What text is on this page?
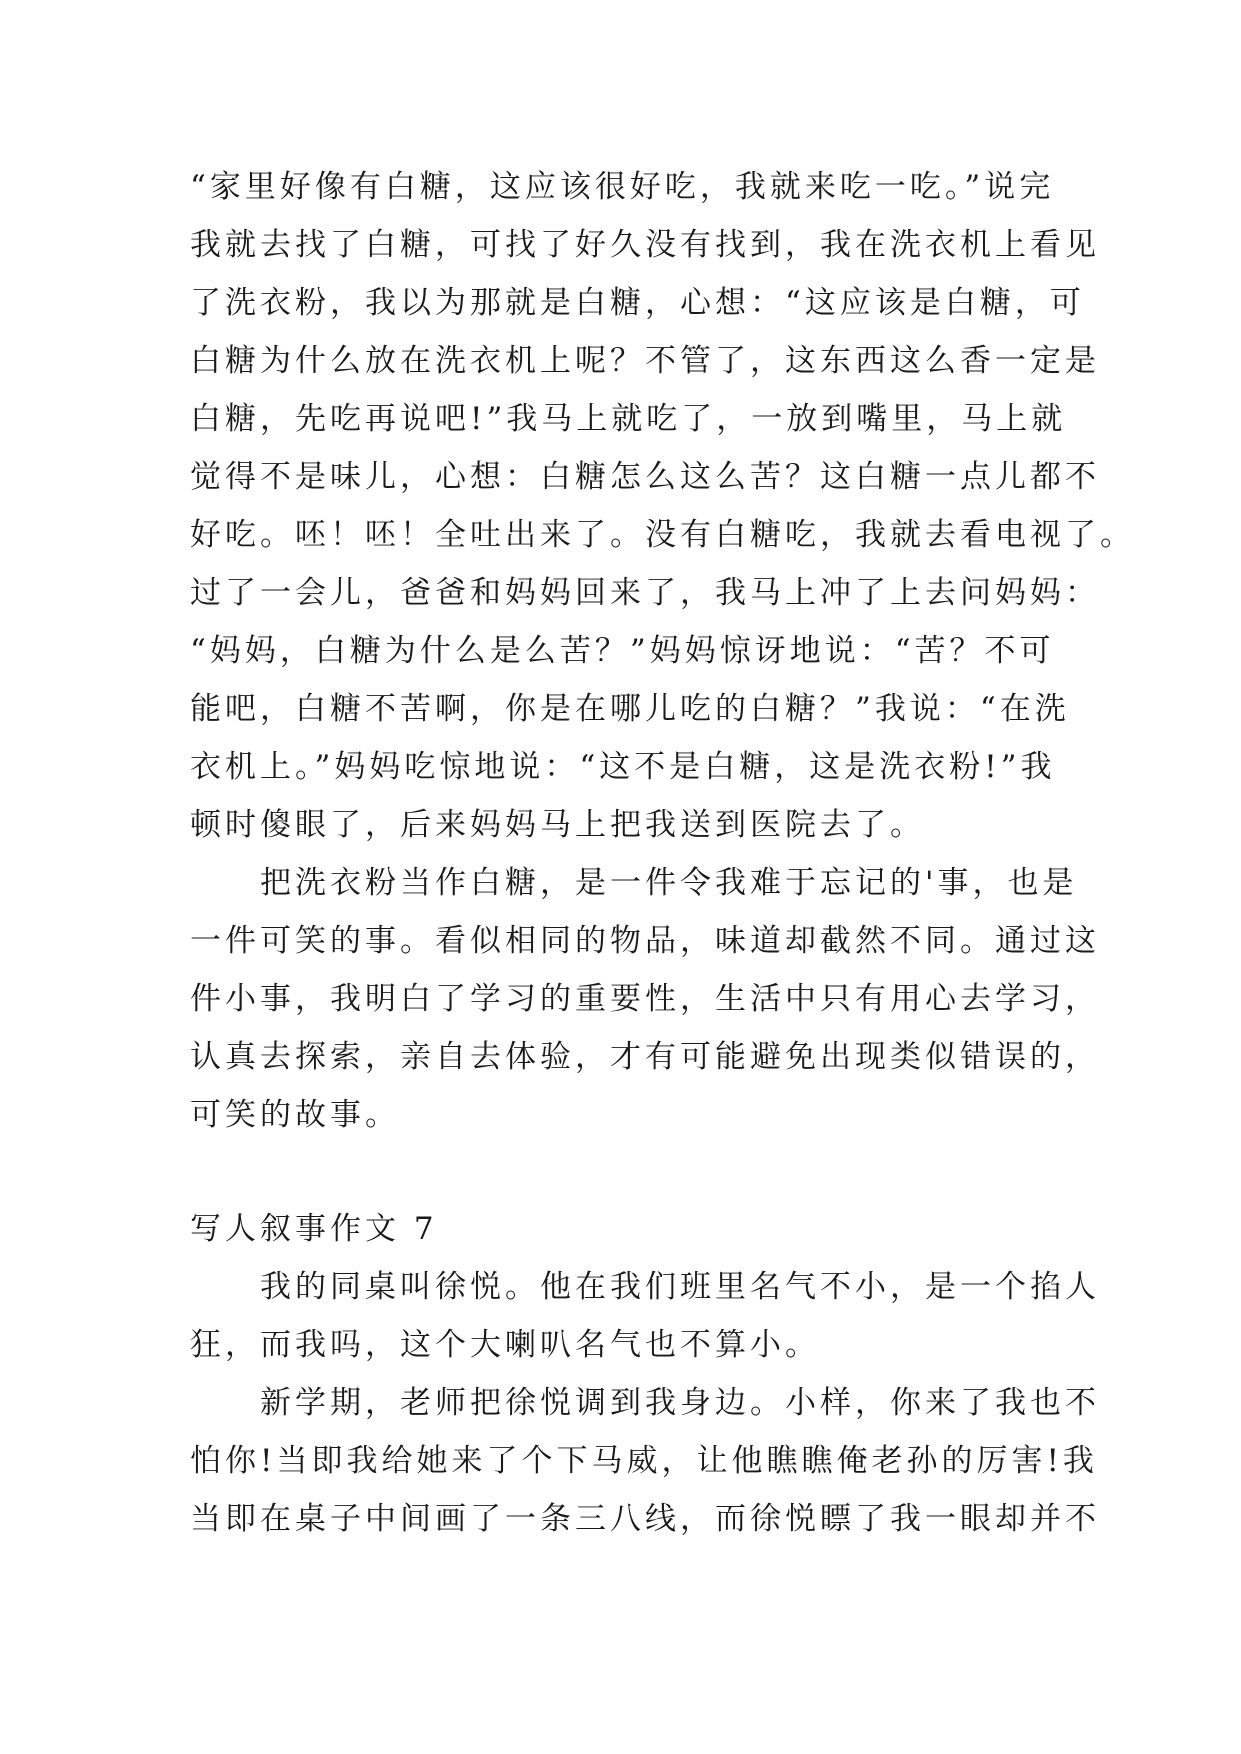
“家里好像有白糖，这应该很好吃，我就来吃一吃。”说完
我就去找了白糖，可找了好久没有找到，我在洗衣机上看见
了洗衣粉，我以为那就是白糖，心想：“这应该是白糖，可
白糖为什么放在洗衣机上呢？不管了，这东西这么香一定是
白糖，先吃再说吧!”我马上就吃了，一放到嘴里，马上就
觉得不是味儿，心想：白糖怎么这么苦？这白糖一点儿都不
好吃。呸！呸！全吐出来了。没有白糖吃，我就去看电视了。
过了一会儿，爸爸和妈妈回来了，我马上冲了上去问妈妈：
“妈妈，白糖为什么是么苦？”妈妈惊讶地说：“苦？不可
能吧，白糖不苦啊，你是在哪儿吃的白糖？”我说：“在洗
衣机上。”妈妈吃惊地说：“这不是白糖，这是洗衣粉!”我
顿时傻眼了，后来妈妈马上把我送到医院去了。
把洗衣粉当作白糖，是一件令我难于忘记的'事，也是
一件可笑的事。看似相同的物品，味道却截然不同。通过这
件小事，我明白了学习的重要性，生活中只有用心去学习，
认真去探索，亲自去体验，才有可能避免出现类似错误的，
可笑的故事。
写人叙事作文 7
我的同桌叫徐悦。他在我们班里名气不小，是一个掐人
狂，而我吗，这个大喇叭名气也不算小。
新学期，老师把徐悦调到我身边。小样，你来了我也不
怕你!当即我给她来了个下马威，让他瞧瞧俺老孙的厉害!我
当即在桌子中间画了一条三八线，而徐悦瞟了我一眼却并不
